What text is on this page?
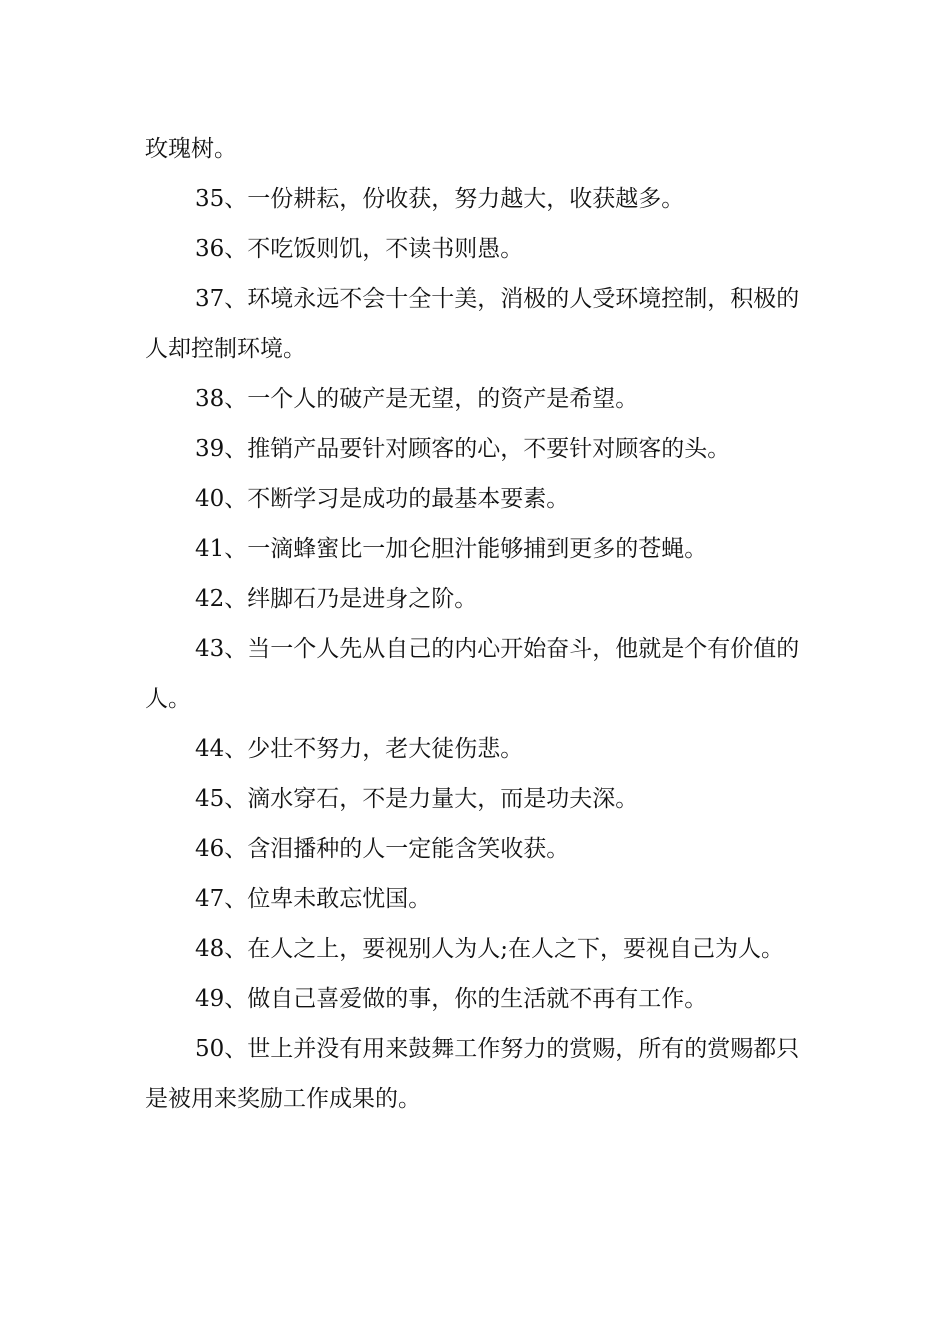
玫瑰树。

35、一份耕耘，份收获，努力越大，收获越多。

36、不吃饭则饥，不读书则愚。

37、环境永远不会十全十美，消极的人受环境控制，积极的人却控制环境。

38、一个人的破产是无望，的资产是希望。

39、推销产品要针对顾客的心，不要针对顾客的头。

40、不断学习是成功的最基本要素。

41、一滴蜂蜜比一加仑胆汁能够捕到更多的苍蝇。

42、绊脚石乃是进身之阶。

43、当一个人先从自己的内心开始奋斗，他就是个有价值的人。

44、少壮不努力，老大徒伤悲。

45、滴水穿石，不是力量大，而是功夫深。

46、含泪播种的人一定能含笑收获。

47、位卑未敢忘忧国。

48、在人之上，要视别人为人;在人之下，要视自己为人。

49、做自己喜爱做的事，你的生活就不再有工作。

50、世上并没有用来鼓舞工作努力的赏赐，所有的赏赐都只是被用来奖励工作成果的。
